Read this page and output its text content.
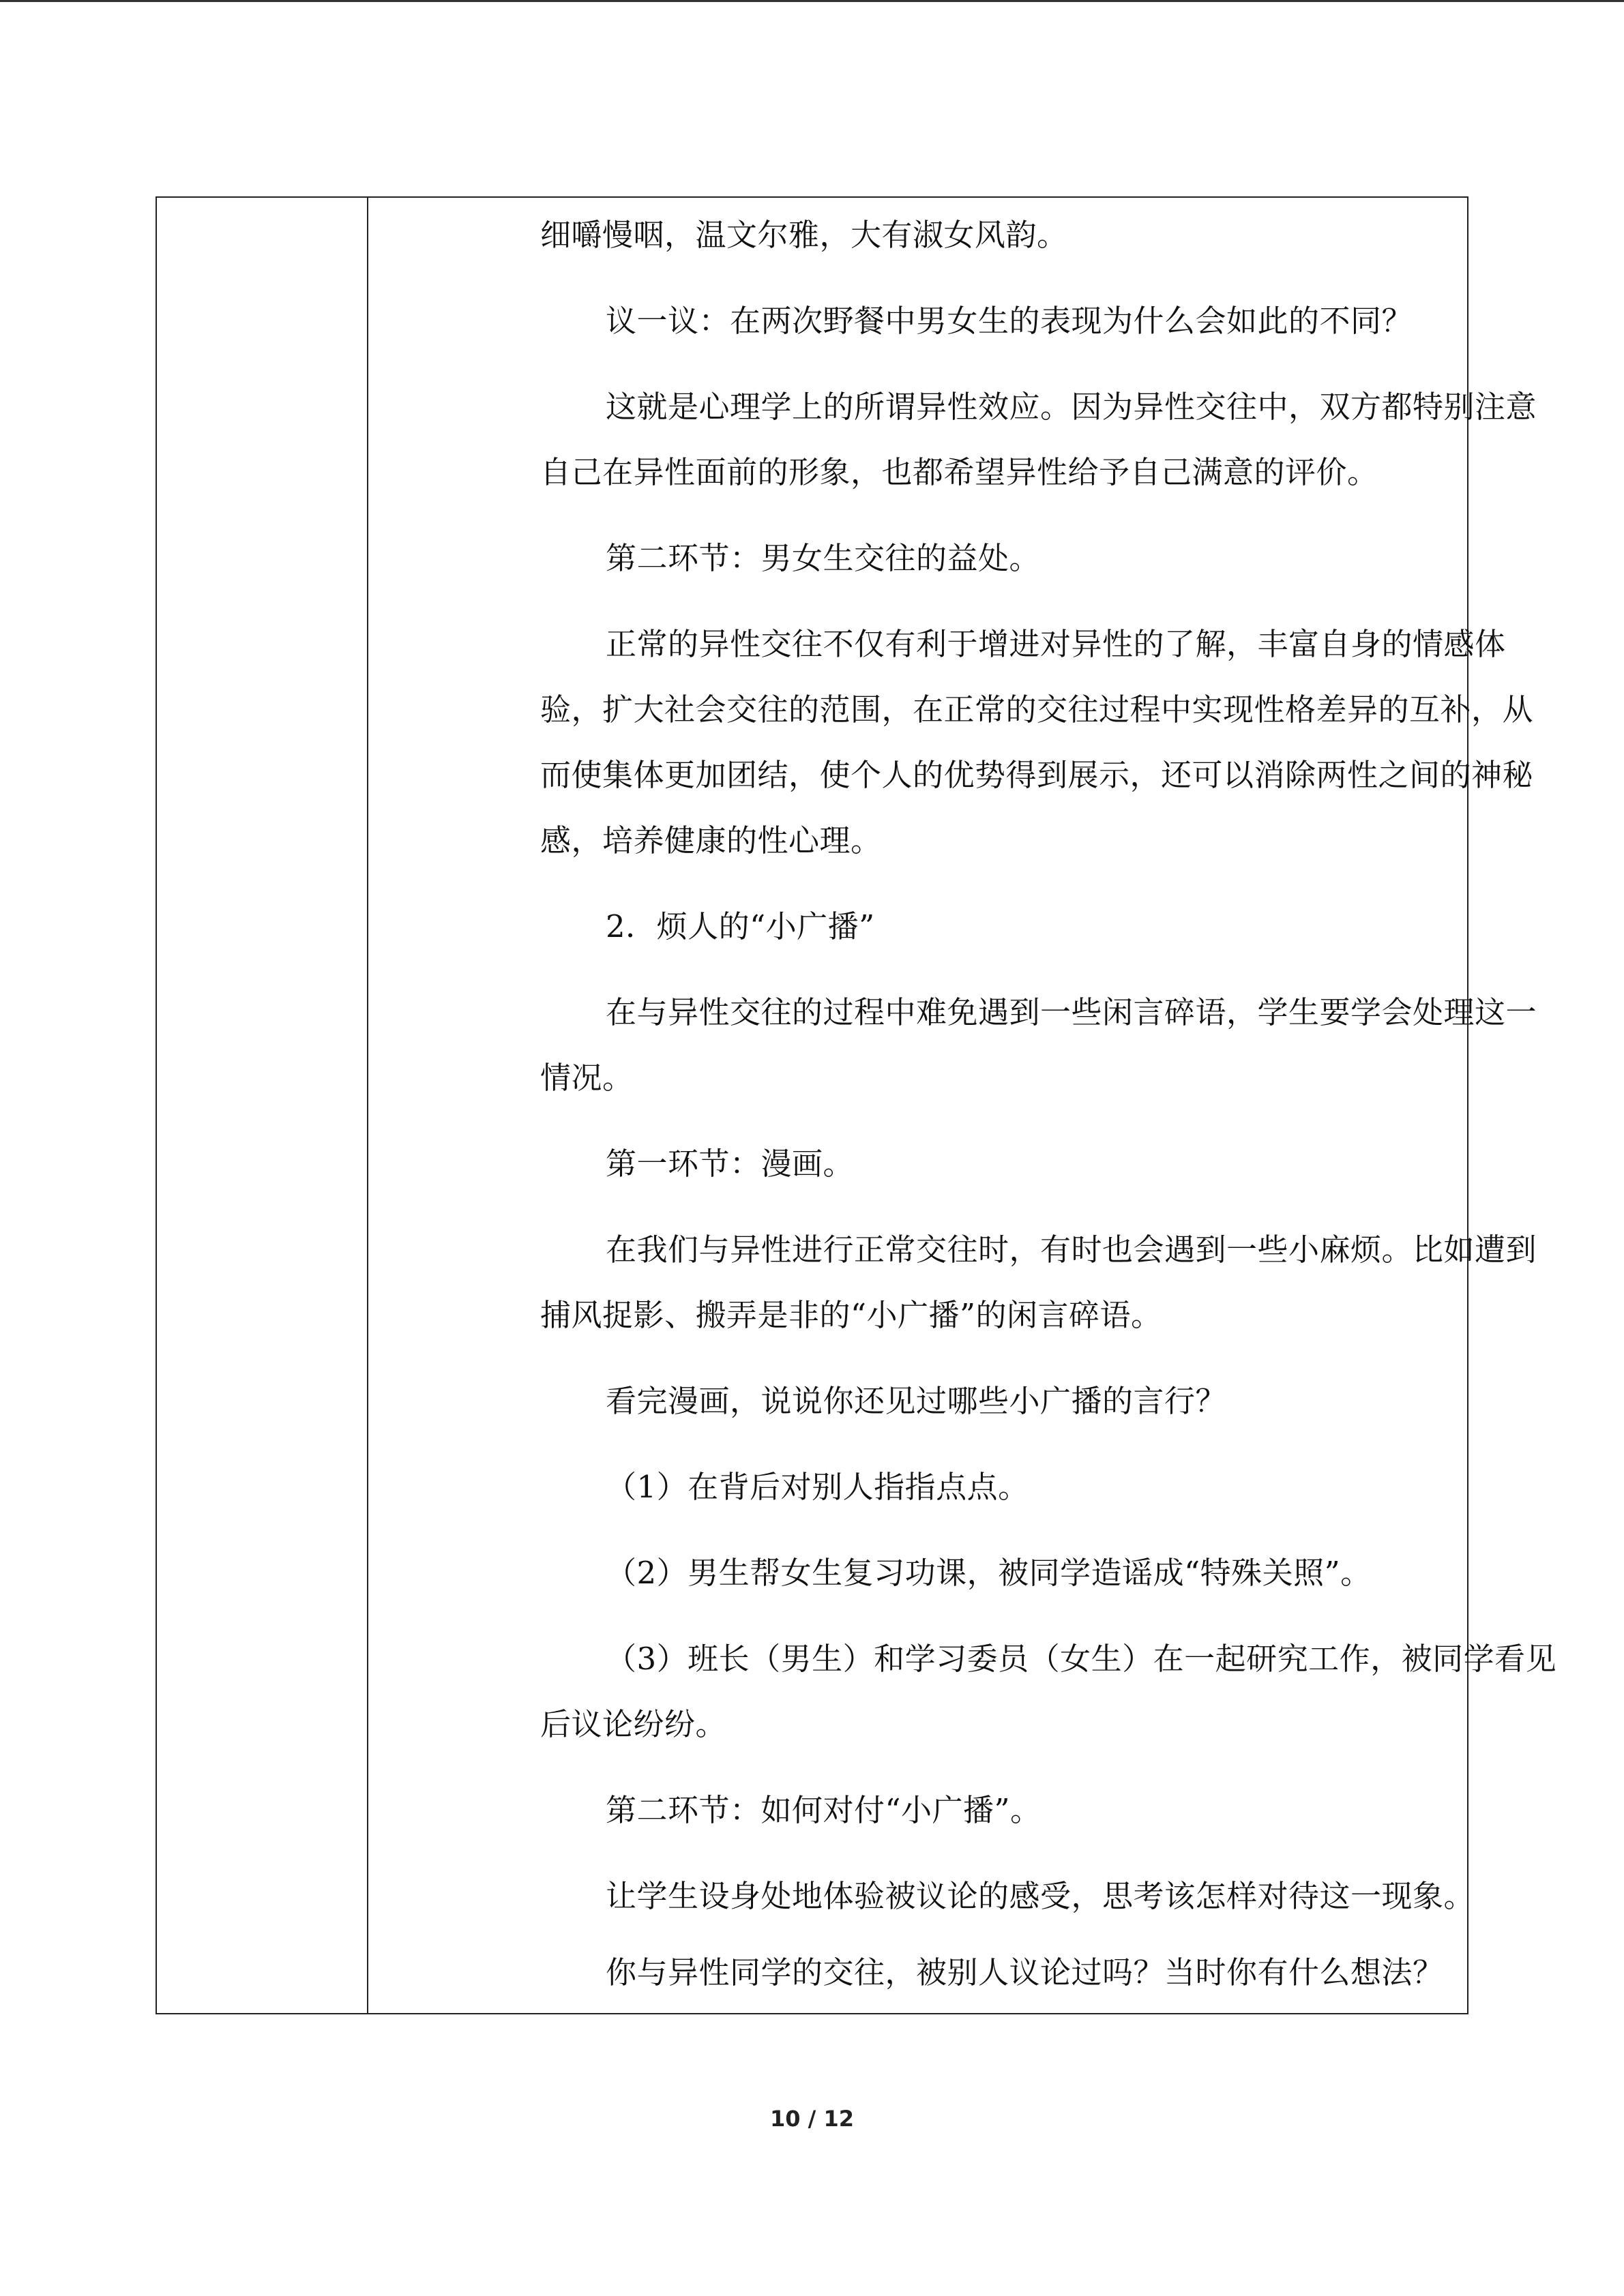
细嚼慢咽，温文尔雅，大有淑女风韵。
议一议：在两次野餐中男女生的表现为什么会如此的不同？
这就是心理学上的所谓异性效应。因为异性交往中，双方都特别注意
自己在异性面前的形象，也都希望异性给予自己满意的评价。
第二环节：男女生交往的益处。
正常的异性交往不仅有利于增进对异性的了解，丰富自身的情感体
验，扩大社会交往的范围，在正常的交往过程中实现性格差异的互补，从
而使集体更加团结，使个人的优势得到展示，还可以消除两性之间的神秘
感，培养健康的性心理。
2．烦人的“小广播”
在与异性交往的过程中难免遇到一些闲言碎语，学生要学会处理这一
情况。
第一环节：漫画。
在我们与异性进行正常交往时，有时也会遇到一些小麻烦。比如遭到
捕风捉影、搬弄是非的“小广播”的闲言碎语。
看完漫画，说说你还见过哪些小广播的言行？
（1）在背后对别人指指点点。
（2）男生帮女生复习功课，被同学造谣成“特殊关照”。
（3）班长（男生）和学习委员（女生）在一起研究工作，被同学看见
后议论纷纷。
第二环节：如何对付“小广播”。
让学生设身处地体验被议论的感受，思考该怎样对待这一现象。
你与异性同学的交往，被别人议论过吗？当时你有什么想法？
10 / 12
